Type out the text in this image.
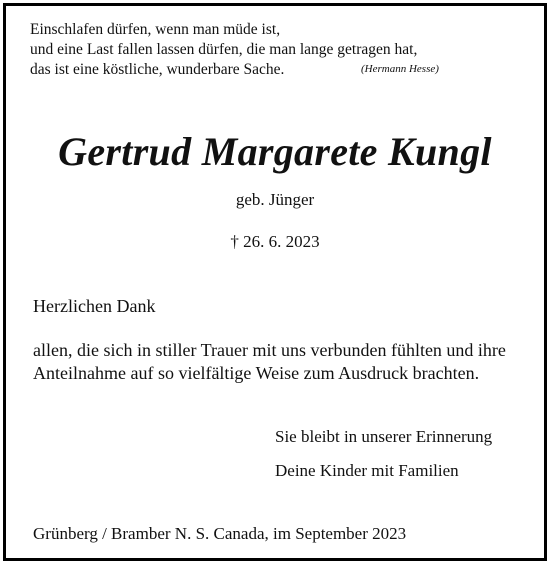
Einschlafen dürfen, wenn man müde ist,
und eine Last fallen lassen dürfen, die man lange getragen hat,
das ist eine köstliche, wunderbare Sache.	(Hermann Hesse)
Gertrud Margarete Kungl
geb. Jünger
† 26. 6. 2023
Herzlichen Dank
allen, die sich in stiller Trauer mit uns verbunden fühlten und ihre
Anteilnahme auf so vielfältige Weise zum Ausdruck brachten.
Sie bleibt in unserer Erinnerung
Deine Kinder mit Familien
Grünberg / Bramber N. S. Canada, im September 2023
